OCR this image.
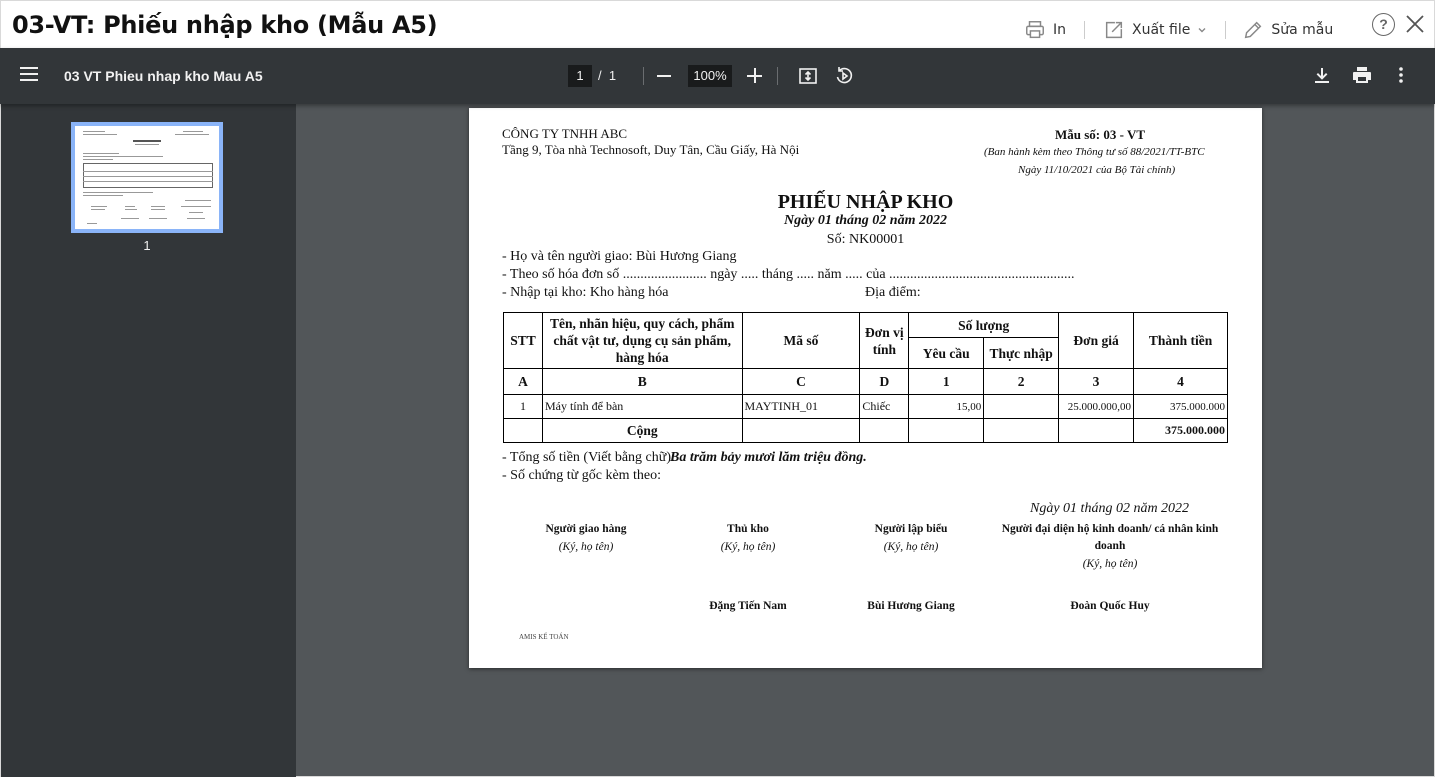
03-VT: Phiếu nhập kho (Mẫu A5)	In	Xuất file	Sửa mẫu	?
03 VT Phieu nhap kho Mau A5	1	/ 1	100%
1
CÔNG TY TNHH ABC
Tầng 9, Tòa nhà Technosoft, Duy Tân, Cầu Giấy, Hà Nội
Mẫu số: 03 - VT
(Ban hành kèm theo Thông tư số 88/2021/TT-BTC
Ngày 11/10/2021 của Bộ Tài chính)
PHIẾU NHẬP KHO
Ngày 01 tháng 02 năm 2022
Số: NK00001
- Họ và tên người giao: Bùi Hương Giang
- Theo số hóa đơn số ........................ ngày ..... tháng ..... năm ..... của .....................................................
- Nhập tại kho: Kho hàng hóa	Địa điểm:
STT	Tên, nhãn hiệu, quy cách, phẩm chất vật tư, dụng cụ sản phẩm, hàng hóa	Mã số	Đơn vị tính	Số lượng		Đơn giá	Thành tiền
				Yêu cầu	Thực nhập		
A	B	C	D	1	2	3	4
1	Máy tính để bàn	MAYTINH_01	Chiếc	15,00		25.000.000,00	375.000.000
	Cộng						375.000.000
- Tổng số tiền (Viết bằng chữ):
Ba trăm bảy mươi lăm triệu đồng.
- Số chứng từ gốc kèm theo:
Ngày 01 tháng 02 năm 2022
Người giao hàng
(Ký, họ tên)
Thủ kho
(Ký, họ tên)
Người lập biểu
(Ký, họ tên)
Người đại diện hộ kinh doanh/ cá nhân kinh doanh
(Ký, họ tên)
Đặng Tiến Nam	Bùi Hương Giang	Đoàn Quốc Huy
AMIS KẾ TOÁN
